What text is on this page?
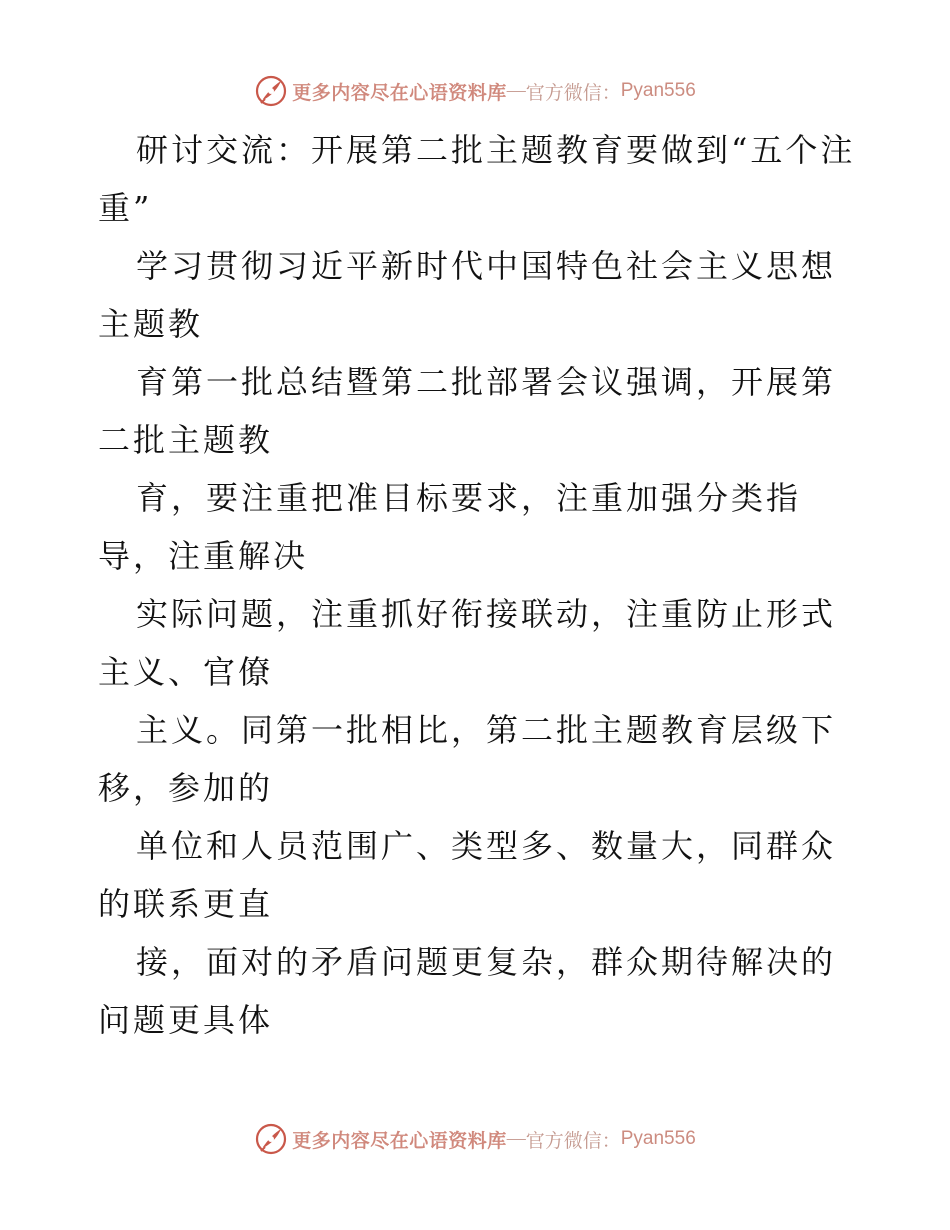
更多内容尽在心语资料库 — 官方微信： Pyan556

研讨交流：开展第二批主题教育要做到“五个注重”

学习贯彻习近平新时代中国特色社会主义思想主题教

育第一批总结暨第二批部署会议强调，开展第二批主题教

育，要注重把准目标要求，注重加强分类指导，注重解决

实际问题，注重抓好衔接联动，注重防止形式主义、官僚

主义。同第一批相比，第二批主题教育层级下移，参加的

单位和人员范围广、类型多、数量大，同群众的联系更直

接，面对的矛盾问题更复杂，群众期待解决的问题更具体

更多内容尽在心语资料库 — 官方微信： Pyan556
